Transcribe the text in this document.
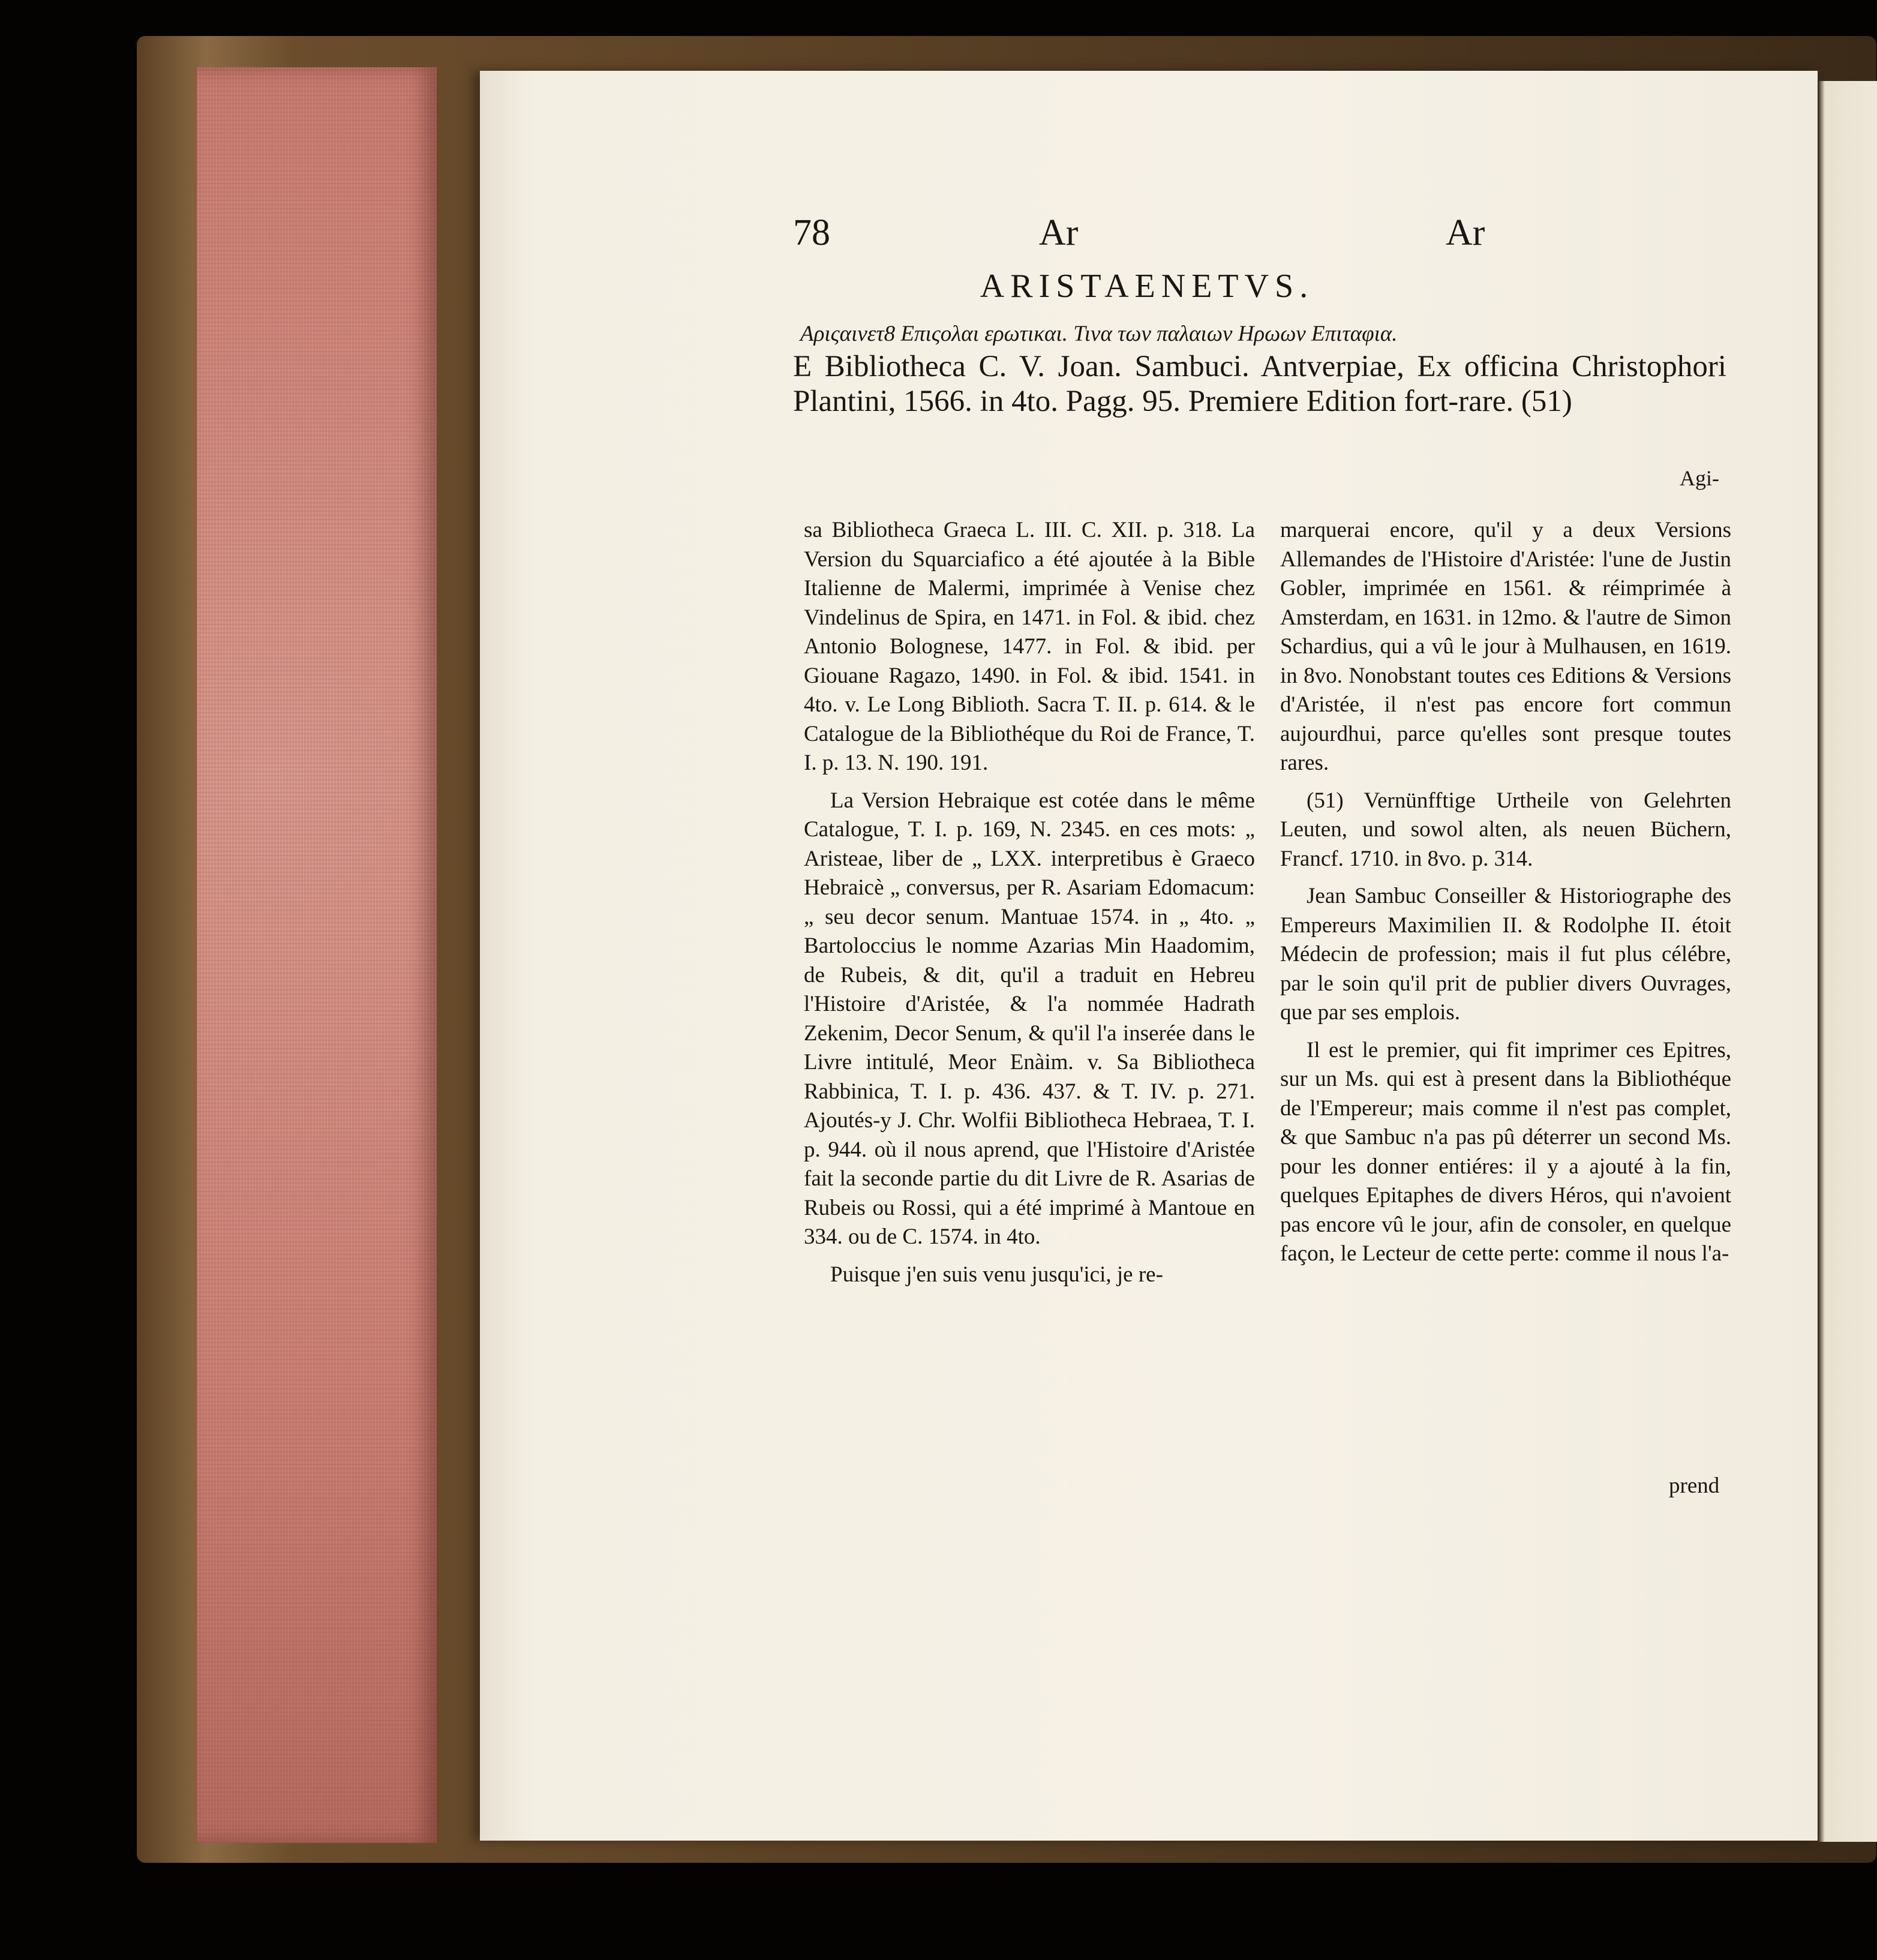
78	Ar	Ar
ARISTAENETVS.
Αριςαινετ8 Επιςολαι ερωτικαι. Τινα των παλαιων Ηρωων Επιταφια.
E Bibliotheca C. V. Joan. Sambuci. Antverpiae, Ex officina Christophori Plantini, 1566. in 4to. Pagg. 95. Premiere Edition fort-rare. (51)
Agi-

sa Bibliotheca Graeca L. III. C. XII. p. 318. La Version du Squarciafico a été ajoutée à la Bible Italienne de Malermi, imprimée à Venise chez Vindelinus de Spira, en 1471. in Fol. & ibid. chez Antonio Bolognese, 1477. in Fol. & ibid. per Giouane Ragazo, 1490. in Fol. & ibid. 1541. in 4to. v. Le Long Biblioth. Sacra T. II. p. 614. & le Catalogue de la Bibliothéque du Roi de France, T. I. p. 13. N. 190. 191.

La Version Hebraique est cotée dans le même Catalogue, T. I. p. 169, N. 2345. en ces mots: „ Aristeae, liber de „ LXX. interpretibus è Graeco Hebraicè „ conversus, per R. Asariam Edomacum: „ seu decor senum. Mantuae 1574. in „ 4to. „ Bartoloccius le nomme Azarias Min Haadomim, de Rubeis, & dit, qu'il a traduit en Hebreu l'Histoire d'Aristée, & l'a nommée Hadrath Zekenim, Decor Senum, & qu'il l'a inserée dans le Livre intitulé, Meor Enàim. v. Sa Bibliotheca Rabbinica, T. I. p. 436. 437. & T. IV. p. 271. Ajoutés-y J. Chr. Wolfii Bibliotheca Hebraea, T. I. p. 944. où il nous aprend, que l'Histoire d'Aristée fait la seconde partie du dit Livre de R. Asarias de Rubeis ou Rossi, qui a été imprimé à Mantoue en 334. ou de C. 1574. in 4to.

Puisque j'en suis venu jusqu'ici, je re-

marquerai encore, qu'il y a deux Versions Allemandes de l'Histoire d'Aristée: l'une de Justin Gobler, imprimée en 1561. & réimprimée à Amsterdam, en 1631. in 12mo. & l'autre de Simon Schardius, qui a vû le jour à Mulhausen, en 1619. in 8vo. Nonobstant toutes ces Editions & Versions d'Aristée, il n'est pas encore fort commun aujourdhui, parce qu'elles sont presque toutes rares.

(51) Vernünfftige Urtheile von Gelehrten Leuten, und sowol alten, als neuen Büchern, Francf. 1710. in 8vo. p. 314.

Jean Sambuc Conseiller & Historiographe des Empereurs Maximilien II. & Rodolphe II. étoit Médecin de profession; mais il fut plus célébre, par le soin qu'il prit de publier divers Ouvrages, que par ses emplois.

Il est le premier, qui fit imprimer ces Epitres, sur un Ms. qui est à present dans la Bibliothéque de l'Empereur; mais comme il n'est pas complet, & que Sambuc n'a pas pû déterrer un second Ms. pour les donner entiéres: il y a ajouté à la fin, quelques Epitaphes de divers Héros, qui n'avoient pas encore vû le jour, afin de consoler, en quelque façon, le Lecteur de cette perte: comme il nous l'a-

prend
